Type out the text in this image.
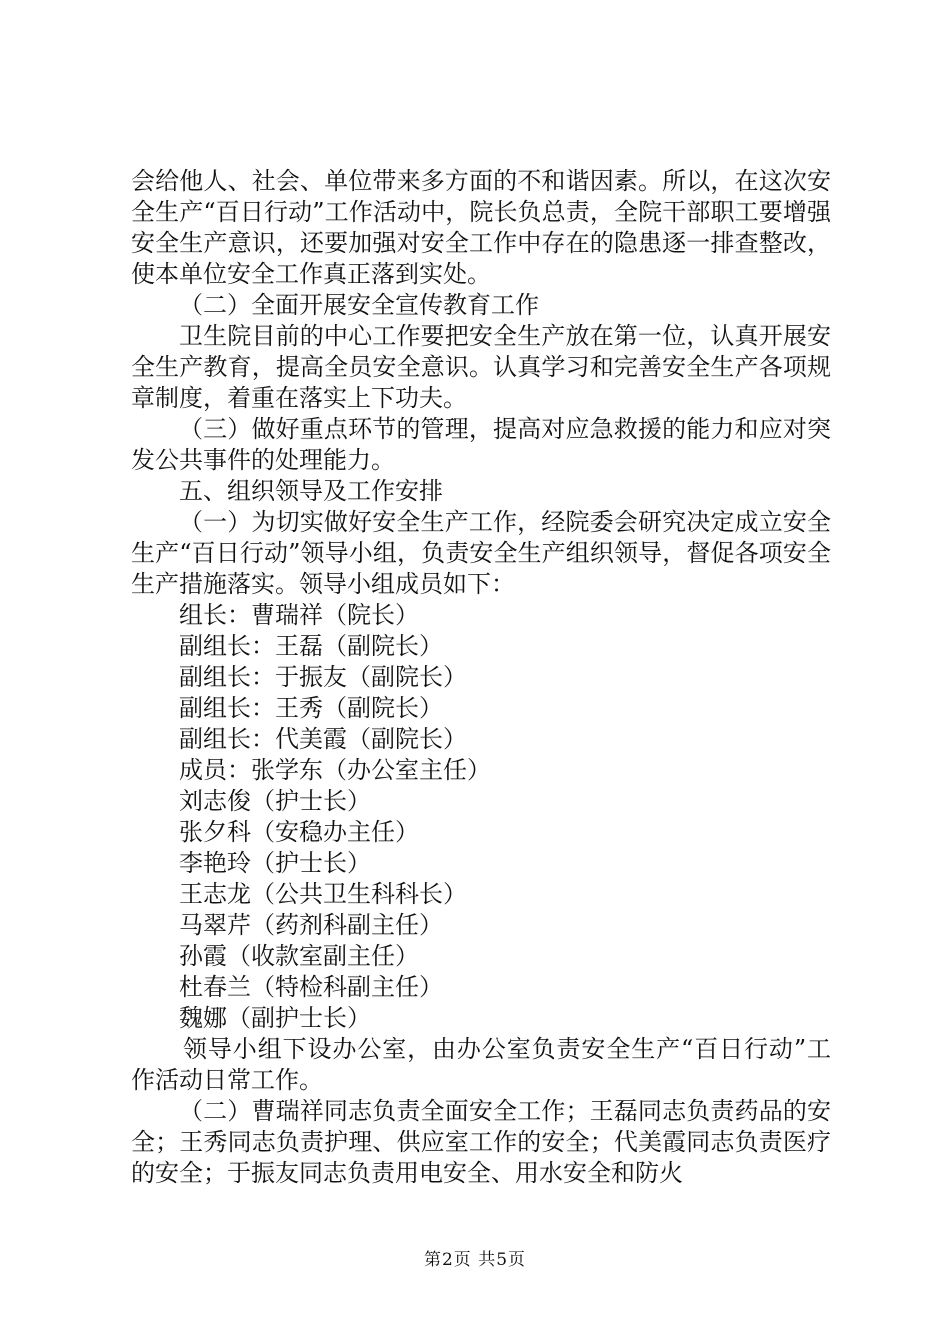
会给他人、社会、单位带来多方面的不和谐因素。所以，在这次安全生产“百日行动”工作活动中，院长负总责，全院干部职工要增强安全生产意识，还要加强对安全工作中存在的隐患逐一排查整改，使本单位安全工作真正落到实处。

（二）全面开展安全宣传教育工作

卫生院目前的中心工作要把安全生产放在第一位，认真开展安全生产教育，提高全员安全意识。认真学习和完善安全生产各项规章制度，着重在落实上下功夫。

（三）做好重点环节的管理，提高对应急救援的能力和应对突发公共事件的处理能力。

五、组织领导及工作安排

（一）为切实做好安全生产工作，经院委会研究决定成立安全生产“百日行动”领导小组，负责安全生产组织领导，督促各项安全生产措施落实。领导小组成员如下：

组长：曹瑞祥（院长）

副组长：王磊（副院长）

副组长：于振友（副院长）

副组长：王秀（副院长）

副组长：代美霞（副院长）

成员：张学东（办公室主任）

刘志俊（护士长）

张夕科（安稳办主任）

李艳玲（护士长）

王志龙（公共卫生科科长）

马翠芹（药剂科副主任）

孙霞（收款室副主任）

杜春兰（特检科副主任）

魏娜（副护士长）

领导小组下设办公室，由办公室负责安全生产“百日行动”工作活动日常工作。

（二）曹瑞祥同志负责全面安全工作；王磊同志负责药品的安全；王秀同志负责护理、供应室工作的安全；代美霞同志负责医疗的安全；于振友同志负责用电安全、用水安全和防火

第2页 共5页
